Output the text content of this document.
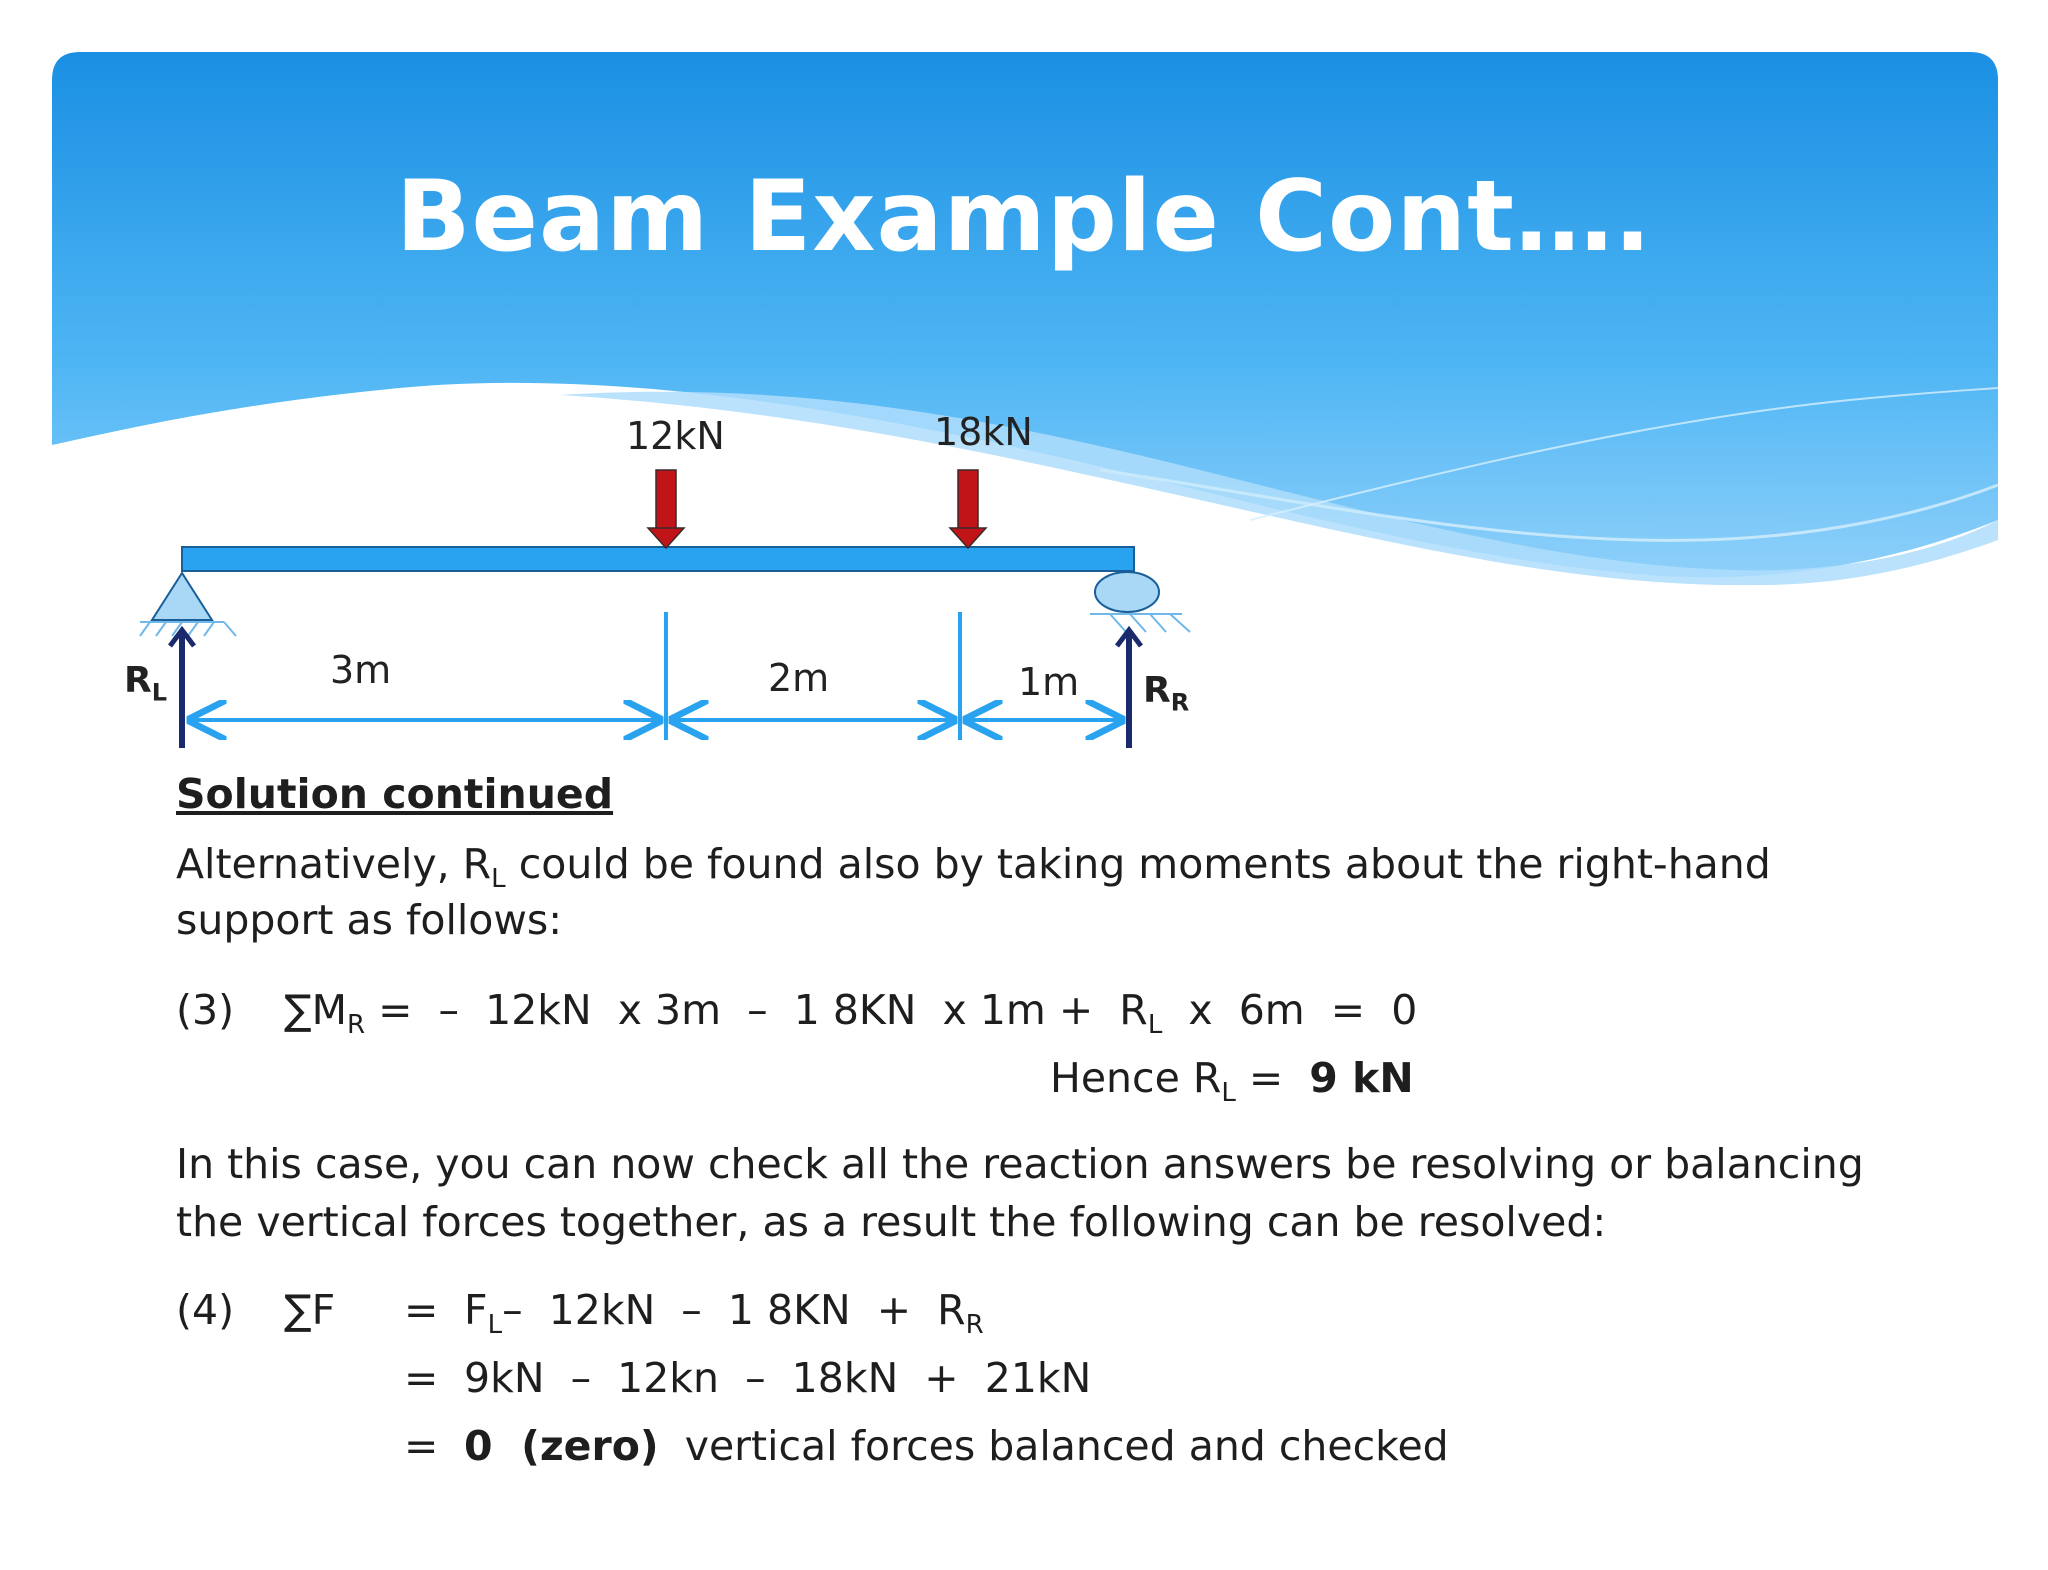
Beam Example Cont….
12kN	18kN
3m	2m	1m
$R_L$	$R_R$
Solution continued
Alternatively, $R_L$ could be found also by taking moments about the right-hand
support as follows:
(3) $\sum M_R$ =  –  12kN  x 3m  –  1 8KN  x $1m + R_L$  x  6m  =  0
Hence $R_L = 9$ kN
In this case, you can now check all the reaction answers be resolving or balancing
the vertical forces together, as a result the following can be resolved:
(4) $\sum F = F_L-$  12kN  –  1 $8KN + R_R$
= 9kN  –  12kn  –  18kN  +  21kN
= 0  (zero)  vertical forces balanced and checked
